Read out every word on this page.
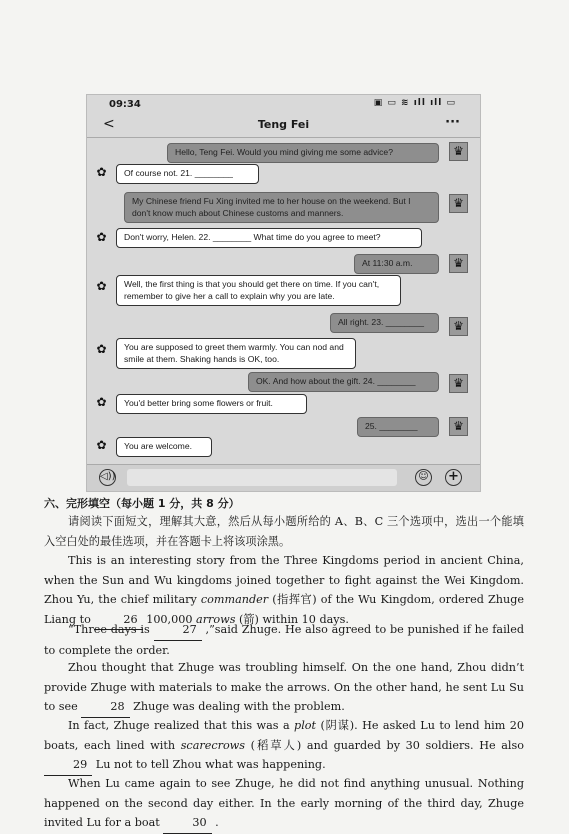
09:34	▣ ▭ ≋ ıll ıll ▭
<	Teng Fei	···
Hello, Teng Fei. Would you mind giving me some advice?	♛
✿	Of course not. 21. ________
My Chinese friend Fu Xing invited me to her house on the weekend. But I don't know much about Chinese customs and manners.
♛
✿	Don't worry, Helen. 22. ________ What time do you agree to meet?
At 11:30 a.m.	♛
✿	Well, the first thing is that you should get there on time. If you can't, remember to give her a call to explain why you are late.
All right. 23. ________	♛
✿	You are supposed to greet them warmly. You can nod and smile at them. Shaking hands is OK, too.
OK. And how about the gift. 24. ________	♛
✿	You'd better bring some flowers or fruit.
25. ________	♛
✿	You are welcome.
◁))	☺ +

六、完形填空（每小题 1 分，共 8 分）

请阅读下面短文，理解其大意，然后从每小题所给的 A、B、C 三个选项中，选出一个能填入空白处的最佳选项，并在答题卡上将该项涂黑。

This is an interesting story from the Three Kingdoms period in ancient China, when the Sun and Wu kingdoms joined together to fight against the Wei Kingdom. Zhou Yu, the chief military commander (指挥官) of the Wu Kingdom, ordered Zhuge Liang to	26 100,000 arrows (箭) within 10 days.

“Three days is	27 ,”said Zhuge. He also agreed to be punished if he failed to complete the order.

Zhou thought that Zhuge was troubling himself. On the one hand, Zhou didn’t provide Zhuge with materials to make the arrows. On the other hand, he sent Lu Su to see	28 Zhuge was dealing with the problem.

In fact, Zhuge realized that this was a plot (阴谋). He asked Lu to lend him 20 boats, each lined with scarecrows (稻草人) and guarded by 30 soldiers. He also 29 Lu not to tell Zhou what was happening.

When Lu came again to see Zhuge, he did not find anything unusual. Nothing happened on the second day either. In the early morning of the third day, Zhuge invited Lu for a boat	30 .
